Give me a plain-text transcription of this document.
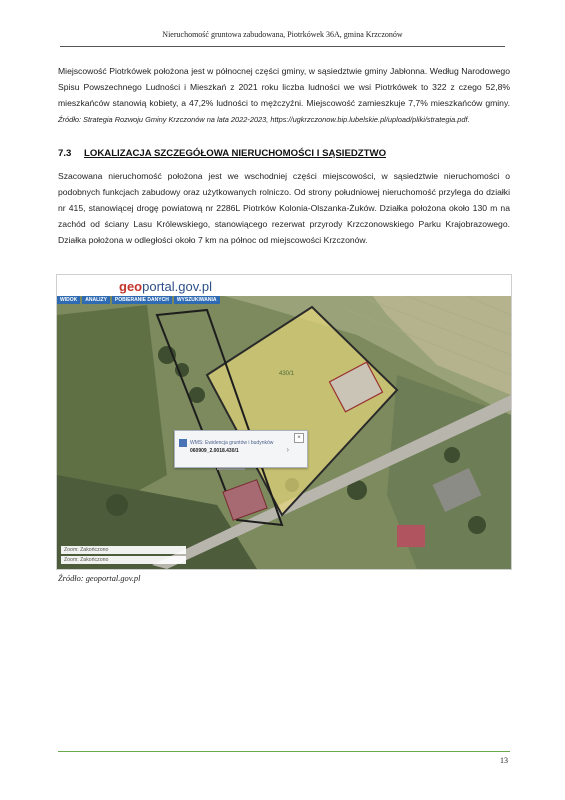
Nieruchomość gruntowa zabudowana, Piotrkówek 36A, gmina Krzczonów
Miejscowość Piotrkówek położona jest w północnej części gminy, w sąsiedztwie gminy Jabłonna. Według Narodowego Spisu Powszechnego Ludności i Mieszkań z 2021 roku liczba ludności we wsi Piotrkówek to 322 z czego 52,8% mieszkańców stanowią kobiety, a 47,2% ludności to mężczyźni. Miejscowość zamieszkuje 7,7% mieszkańców gminy. Źródło: Strategia Rozwoju Gminy Krzczonów na lata 2022-2023, https://ugkrzczonow.bip.lubelskie.pl/upload/pliki/strategia.pdf.
7.3 LOKALIZACJA SZCZEGÓŁOWA NIERUCHOMOŚCI I SĄSIEDZTWO
Szacowana nieruchomość położona jest we wschodniej części miejscowości, w sąsiedztwie nieruchomości o podobnych funkcjach zabudowy oraz użytkowanych rolniczo. Od strony południowej nieruchomość przylega do działki nr 415, stanowiącej drogę powiatową nr 2286L Piotrków Kolonia-Olszanka-Żuków. Działka położona około 130 m na zachód od ściany Lasu Królewskiego, stanowiącego rezerwat przyrody Krzczonowskiego Parku Krajobrazowego. Działka położona w odległości około 7 km na północ od miejscowości Krzczonów.
430/1
geoportal.gov.pl
WIDOK	ANALIZY	POBIERANIE DANYCH	WYSZUKIWANIA
WMS: Ewidencja gruntów i budynków
060909_2.0018.430/1	›
×
Zoom: Zakończono
Zoom: Zakończono
Źródło: geoportal.gov.pl
13
